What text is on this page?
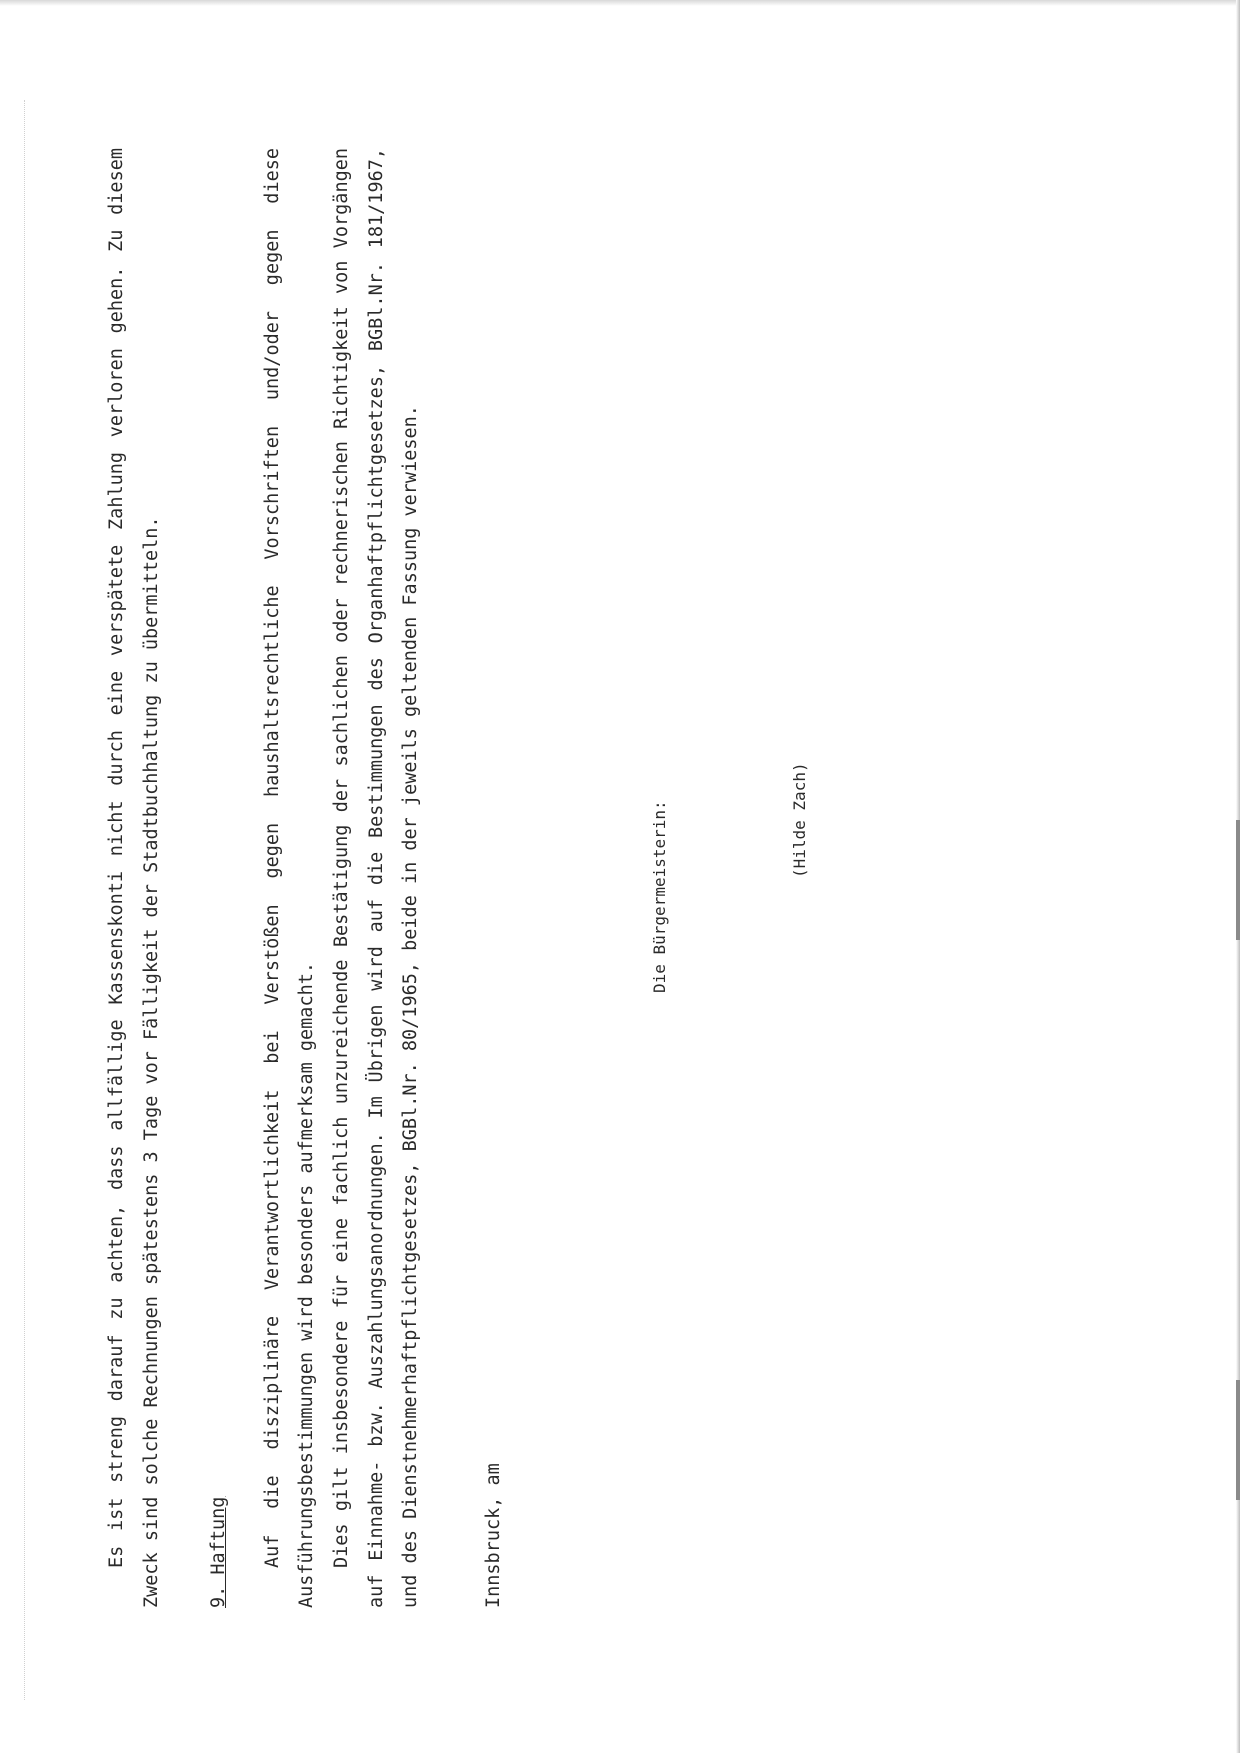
Es ist streng darauf zu achten, dass allfällige Kassenskonti nicht durch eine verspätete Zahlung verloren gehen. Zu diesem Zweck sind solche Rechnungen spätestens 3 Tage vor Fälligkeit der Stadtbuchhaltung zu übermitteln.	9. Haftung	Auf die disziplinäre Verantwortlichkeit bei Verstößen gegen haushaltsrechtliche Vorschriften und/oder gegen diese Ausführungsbestimmungen wird besonders aufmerksam gemacht. Dies gilt insbesondere für eine fachlich unzureichende Bestätigung der sachlichen oder rechnerischen Richtigkeit von Vorgängen auf Einnahme- bzw. Auszahlungsanordnungen. Im Übrigen wird auf die Bestimmungen des Organhaftpflichtgesetzes, BGBl.Nr. 181/1967, und des Dienstnehmerhaftpflichtgesetzes, BGBl.Nr. 80/1965, beide in der jeweils geltenden Fassung verwiesen.	Innsbruck, am

Die Bürgermeisterin:	(Hilde Zach)
